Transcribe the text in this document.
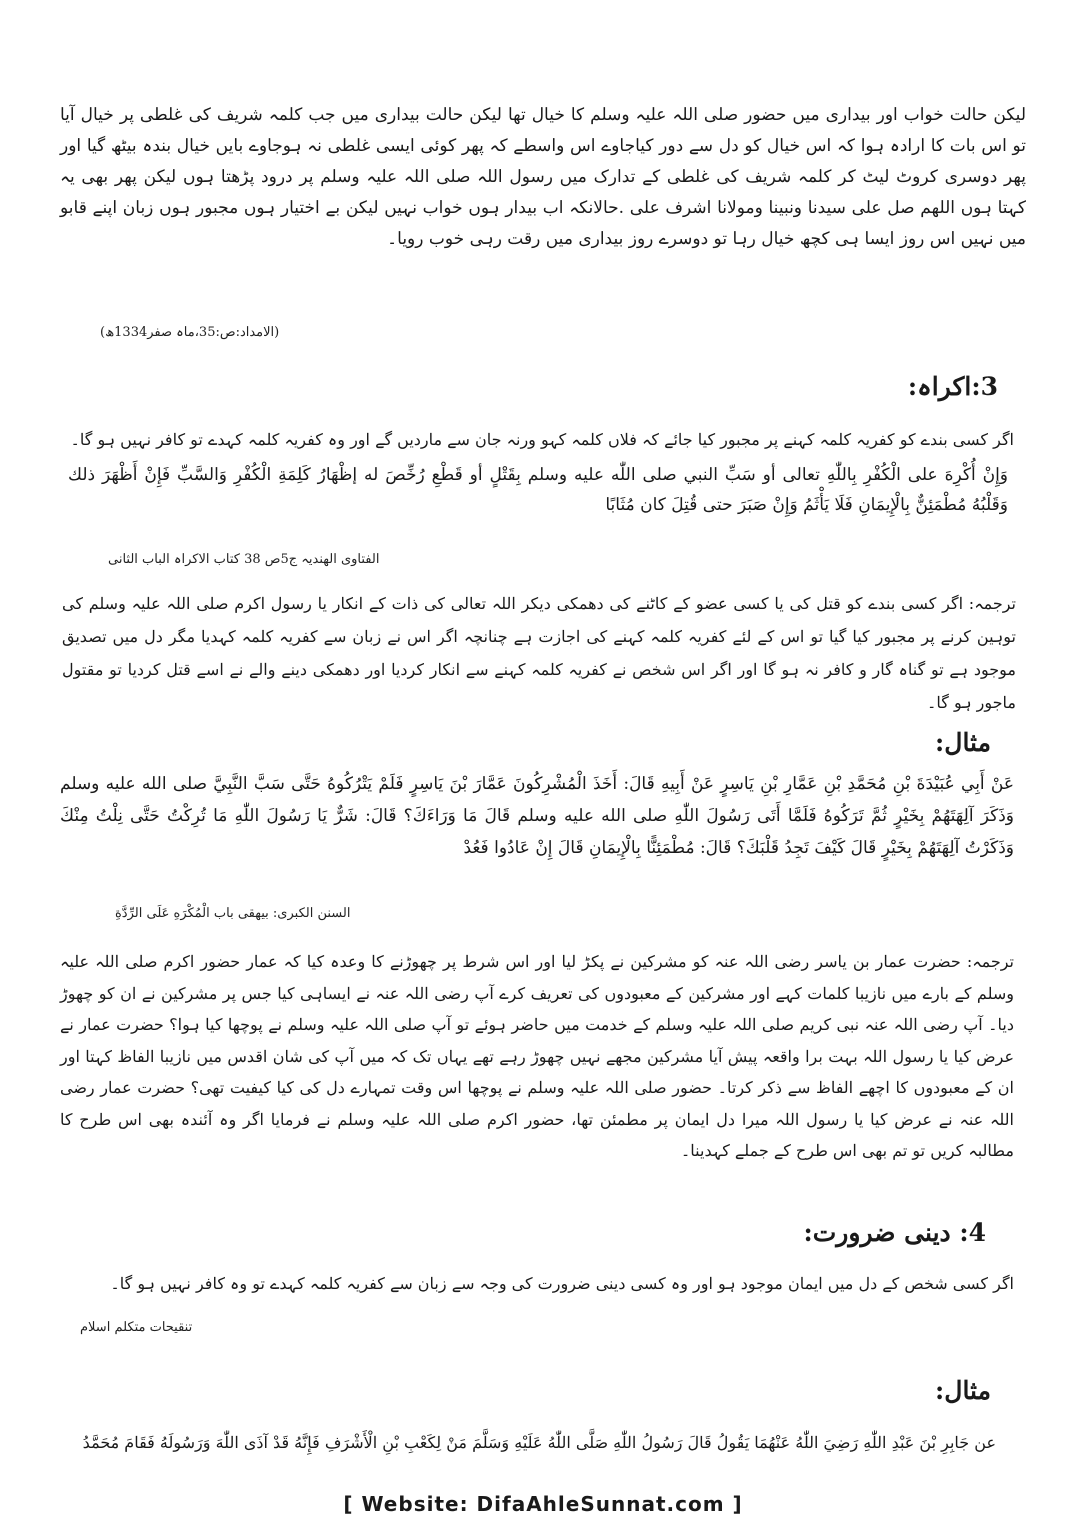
لیکن حالت خواب اور بیداری میں حضور صلی اللہ علیہ وسلم کا خیال تھا لیکن حالت بیداری میں جب کلمہ شریف کی غلطی پر خیال آیا تو اس بات کا ارادہ ہوا کہ اس خیال کو دل سے دور کیاجاوے اس واسطے کہ پھر کوئی ایسی غلطی نہ ہوجاوے بایں خیال بندہ بیٹھ گیا اور پھر دوسری کروٹ لیٹ کر کلمہ شریف کی غلطی کے تدارک میں رسول اللہ صلی اللہ علیہ وسلم پر درود پڑھتا ہوں لیکن پھر بھی یہ کہتا ہوں اللھم صل علی سیدنا ونبینا ومولانا اشرف علی .حالانکہ اب بیدار ہوں خواب نہیں لیکن بے اختیار ہوں مجبور ہوں زبان اپنے قابو میں نہیں اس روز ایسا ہی کچھ خیال رہا تو دوسرے روز بیداری میں رقت رہی خوب رویا۔
(الامداد:ص:35،ماہ صفر1334ھ)
3:اکراہ:
اگر کسی بندے کو کفریہ کلمہ کہنے پر مجبور کیا جائے کہ فلاں کلمہ کہو ورنہ جان سے ماردیں گے اور وہ کفریہ کلمہ کہدے تو کافر نہیں ہو گا۔
وَإِنْ أُكْرِهَ على الْكُفْرِ بِاللّٰهِ تعالى أو سَبِّ النبي صلى اللّٰه عليه وسلم بِقَتْلٍ أو قَطْعِ رُخِّصَ له إظْهَارُ كَلِمَةِ الْكُفْرِ وَالسَّبِّ فَإِنْ أَظْهَرَ ذلك وَقَلْبُهُ مُطْمَئِنٌّ بِالْإِيمَانِ فَلَا يَأْثَمُ وَإِنْ صَبَرَ حتى قُتِلَ كان مُثَابًا
الفتاوی الھندیہ ج5ص 38 کتاب الاکراہ الباب الثانی
ترجمہ: اگر کسی بندے کو قتل کی یا کسی عضو کے کاٹنے کی دھمکی دیکر اللہ تعالی کی ذات کے انکار یا رسول اکرم صلی اللہ علیہ وسلم کی توہین کرنے پر مجبور کیا گیا تو اس کے لئے کفریہ کلمہ کہنے کی اجازت ہے چنانچہ اگر اس نے زبان سے کفریہ کلمہ کہدیا مگر دل میں تصدیق موجود ہے تو گناہ گار و کافر نہ ہو گا اور اگر اس شخص نے کفریہ کلمہ کہنے سے انکار کردیا اور دھمکی دینے والے نے اسے قتل کردیا تو مقتول ماجور ہو گا۔
مثال:
عَنْ أَبِي عُبَيْدَةَ بْنِ مُحَمَّدِ بْنِ عَمَّارِ بْنِ يَاسِرٍ عَنْ أَبِيهِ قَالَ: أَخَذَ الْمُشْرِكُونَ عَمَّارَ بْنَ يَاسِرٍ فَلَمْ يَتْرُكُوهُ حَتَّى سَبَّ النَّبِيَّ صلى الله عليه وسلم وَذَكَرَ آلِهَتَهُمْ بِخَيْرٍ ثُمَّ تَرَكُوهُ فَلَمَّا أَتَى رَسُولَ اللّٰهِ صلى الله عليه وسلم قَالَ مَا وَرَاءَكَ؟ قَالَ: شَرٌّ يَا رَسُولَ اللّٰهِ مَا تُرِكْتُ حَتَّى نِلْتُ مِنْكَ وَذَكَرْتُ آلِهَتَهُمْ بِخَيْرٍ قَالَ كَيْفَ تَجِدُ قَلْبَكَ؟ قَالَ: مُطْمَئِنًّا بِالْإِيمَانِ قَالَ إِنْ عَادُوا فَعُدْ
السنن الکبری: بیھقی باب الْمُكْرَهِ عَلَى الرِّدَّةِ
ترجمہ: حضرت عمار بن یاسر رضی اللہ عنہ کو مشرکین نے پکڑ لیا اور اس شرط پر چھوڑنے کا وعدہ کیا کہ عمار حضور اکرم صلی اللہ علیہ وسلم کے بارے میں نازیبا کلمات کہے اور مشرکین کے معبودوں کی تعریف کرے آپ رضی اللہ عنہ نے ایساہی کیا جس پر مشرکین نے ان کو چھوڑ دیا۔ آپ رضی اللہ عنہ نبی کریم صلی اللہ علیہ وسلم کے خدمت میں حاضر ہوئے تو آپ صلی اللہ علیہ وسلم نے پوچھا کیا ہوا؟ حضرت عمار نے عرض کیا یا رسول اللہ بہت برا واقعہ پیش آیا مشرکین مجھے نہیں چھوڑ رہے تھے یہاں تک کہ میں آپ کی شان اقدس میں نازیبا الفاظ کہتا اور ان کے معبودوں کا اچھے الفاظ سے ذکر کرتا۔ حضور صلی اللہ علیہ وسلم نے پوچھا اس وقت تمہارے دل کی کیا کیفیت تھی؟ حضرت عمار رضی اللہ عنہ نے عرض کیا یا رسول اللہ میرا دل ایمان پر مطمئن تھا، حضور اکرم صلی اللہ علیہ وسلم نے فرمایا اگر وہ آئندہ بھی اس طرح کا مطالبہ کریں تو تم بھی اس طرح کے جملے کہدینا۔
4: دینی ضرورت:
اگر کسی شخص کے دل میں ایمان موجود ہو اور وہ کسی دینی ضرورت کی وجہ سے زبان سے کفریہ کلمہ کہدے تو وہ کافر نہیں ہو گا۔
تنقیحات متکلم اسلام
مثال:
عن جَابِرِ بْنَ عَبْدِ اللّٰهِ رَضِيَ اللّٰهُ عَنْهُمَا يَقُولُ قَالَ رَسُولُ اللّٰهِ صَلَّى اللّٰهُ عَلَيْهِ وَسَلَّمَ مَنْ لِكَعْبِ بْنِ الْأَشْرَفِ فَإِنَّهُ قَدْ آذَى اللّٰهَ وَرَسُولَهُ فَقَامَ مُحَمَّدُ
[ Website: DifaAhleSunnat.com ]
